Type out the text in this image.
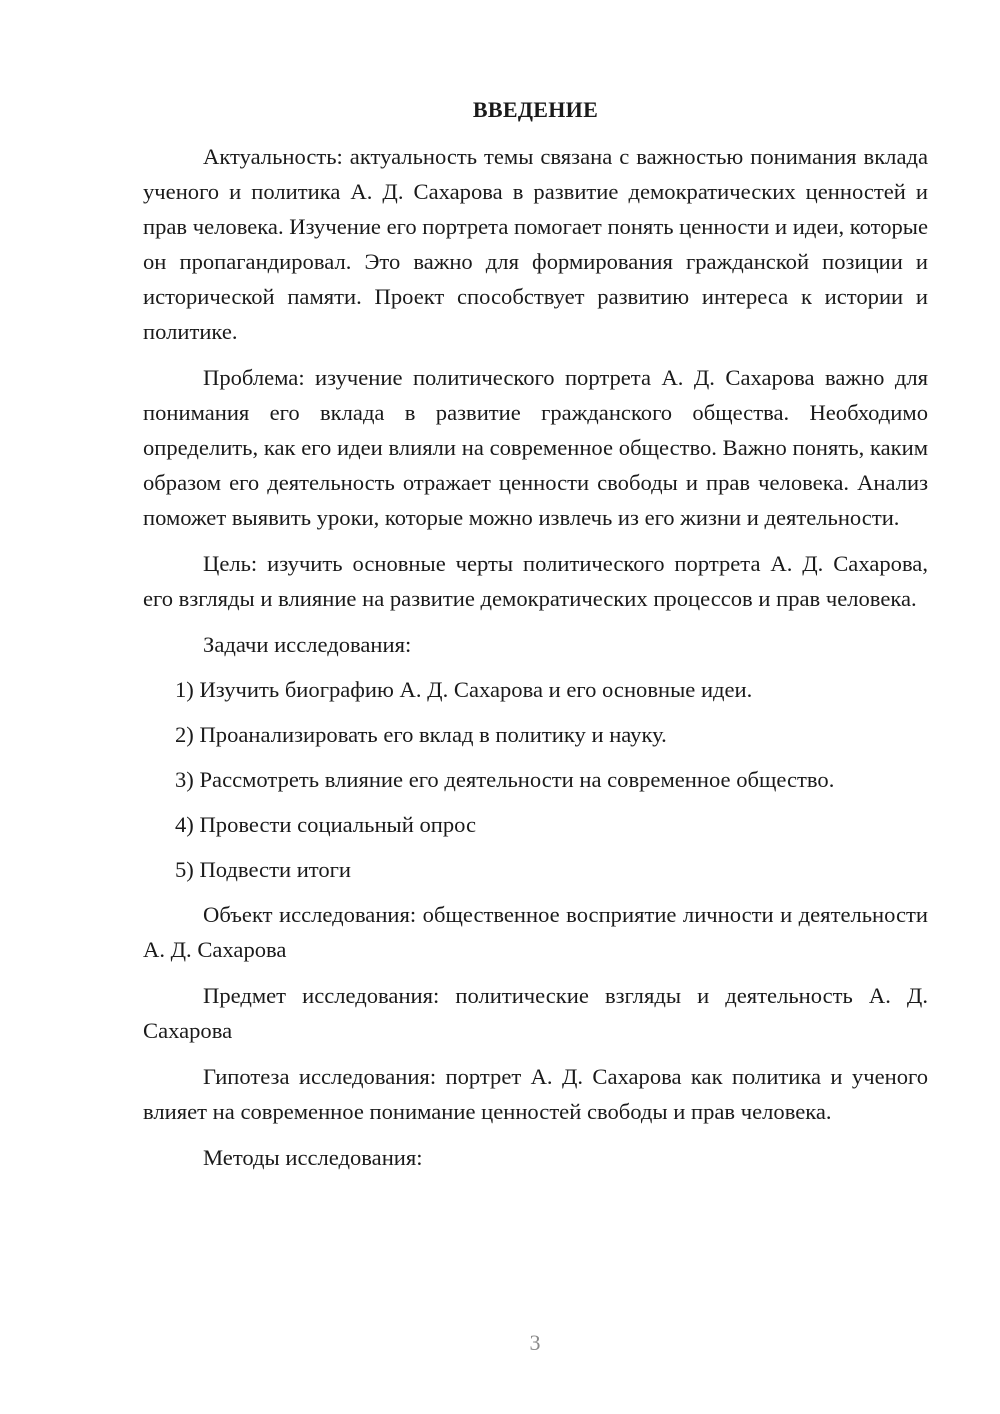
ВВЕДЕНИЕ

Актуальность: актуальность темы связана с важностью понимания вклада ученого и политика А. Д. Сахарова в развитие демократических ценностей и прав человека. Изучение его портрета помогает понять ценности и идеи, которые он пропагандировал. Это важно для формирования гражданской позиции и исторической памяти. Проект способствует развитию интереса к истории и политике.

Проблема: изучение политического портрета А. Д. Сахарова важно для понимания его вклада в развитие гражданского общества. Необходимо определить, как его идеи влияли на современное общество. Важно понять, каким образом его деятельность отражает ценности свободы и прав человека. Анализ поможет выявить уроки, которые можно извлечь из его жизни и деятельности.

Цель: изучить основные черты политического портрета А. Д. Сахарова, его взгляды и влияние на развитие демократических процессов и прав человека.

Задачи исследования:

1) Изучить биографию А. Д. Сахарова и его основные идеи.
2) Проанализировать его вклад в политику и науку.
3) Рассмотреть влияние его деятельности на современное общество.
4) Провести социальный опрос
5) Подвести итоги

Объект исследования: общественное восприятие личности и деятельности А. Д. Сахарова

Предмет исследования: политические взгляды и деятельность А. Д. Сахарова

Гипотеза исследования: портрет А. Д. Сахарова как политика и ученого влияет на современное понимание ценностей свободы и прав человека.

Методы исследования:

3
